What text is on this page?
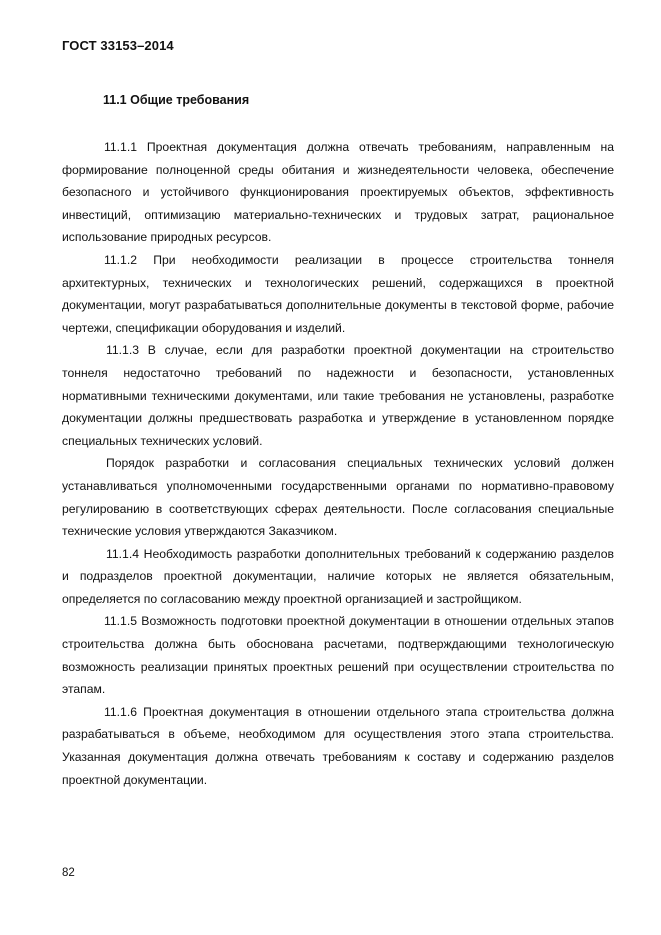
ГОСТ 33153–2014
11.1 Общие требования

11.1.1 Проектная документация должна отвечать требованиям, направленным на формирование полноценной среды обитания и жизнедеятельности человека, обеспечение безопасного и устойчивого функционирования проектируемых объектов, эффективность инвестиций, оптимизацию материально-технических и трудовых затрат, рациональное использование природных ресурсов.

11.1.2 При необходимости реализации в процессе строительства тоннеля архитектурных, технических и технологических решений, содержащихся в проектной документации, могут разрабатываться дополнительные документы в текстовой форме, рабочие чертежи, спецификации оборудования и изделий.

11.1.3 В случае, если для разработки проектной документации на строительство тоннеля недостаточно требований по надежности и безопасности, установленных нормативными техническими документами, или такие требования не установлены, разработке документации должны предшествовать разработка и утверждение в установленном порядке специальных технических условий.

Порядок разработки и согласования специальных технических условий должен устанавливаться уполномоченными государственными органами по нормативно-правовому регулированию в соответствующих сферах деятельности. После согласования специальные технические условия утверждаются Заказчиком.

11.1.4 Необходимость разработки дополнительных требований к содержанию разделов и подразделов проектной документации, наличие которых не является обязательным, определяется по согласованию между проектной организацией и застройщиком.

11.1.5 Возможность подготовки проектной документации в отношении отдельных этапов строительства должна быть обоснована расчетами, подтверждающими технологическую возможность реализации принятых проектных решений при осуществлении строительства по этапам.

11.1.6 Проектная документация в отношении отдельного этапа строительства должна разрабатываться в объеме, необходимом для осуществления этого этапа строительства. Указанная документация должна отвечать требованиям к составу и содержанию разделов проектной документации.

82
